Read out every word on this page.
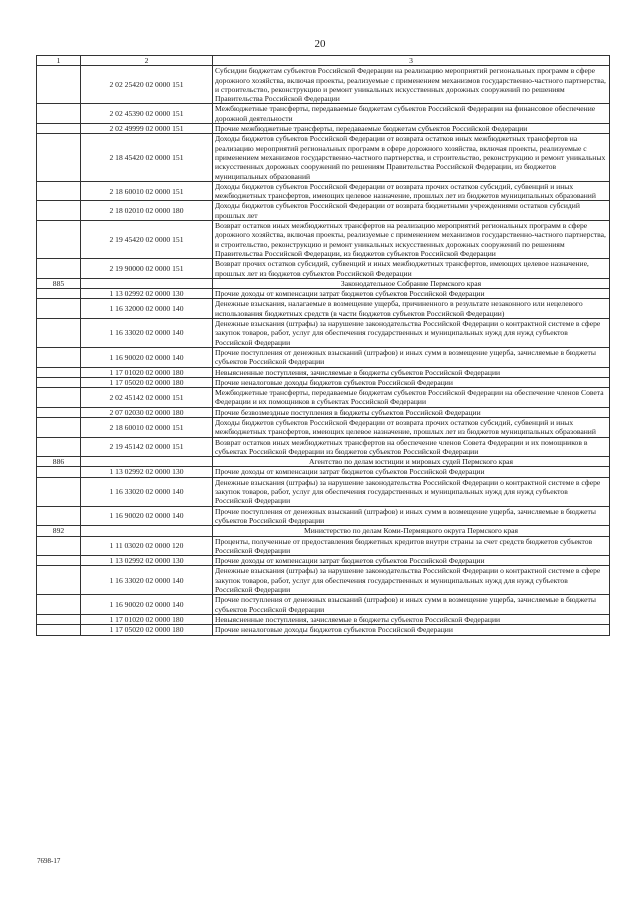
20
1	2	3
	2 02 25420 02 0000 151	Субсидии бюджетам субъектов Российской Федерации на реализацию мероприятий региональных программ в сфере дорожного хозяйства, включая проекты, реализуемые с применением механизмов государственно-частного партнерства, и строительство, реконструкцию и ремонт уникальных искусственных дорожных сооружений по решениям Правительства Российской Федерации
	2 02 45390 02 0000 151	Межбюджетные трансферты, передаваемые бюджетам субъектов Российской Федерации на финансовое обеспечение дорожной деятельности
	2 02 49999 02 0000 151	Прочие межбюджетные трансферты, передаваемые бюджетам субъектов Российской Федерации
	2 18 45420 02 0000 151	Доходы бюджетов субъектов Российской Федерации от возврата остатков иных межбюджетных трансфертов на реализацию мероприятий региональных программ в сфере дорожного хозяйства, включая проекты, реализуемые с применением механизмов государственно-частного партнерства, и строительство, реконструкцию и ремонт уникальных искусственных дорожных сооружений по решениям Правительства Российской Федерации, из бюджетов муниципальных образований
	2 18 60010 02 0000 151	Доходы бюджетов субъектов Российской Федерации от возврата прочих остатков субсидий, субвенций и иных межбюджетных трансфертов, имеющих целевое назначение, прошлых лет из бюджетов муниципальных образований
	2 18 02010 02 0000 180	Доходы бюджетов субъектов Российской Федерации от возврата бюджетными учреждениями остатков субсидий прошлых лет
	2 19 45420 02 0000 151	Возврат остатков иных межбюджетных трансфертов на реализацию мероприятий региональных программ в сфере дорожного хозяйства, включая проекты, реализуемые с применением механизмов государственно-частного партнерства, и строительство, реконструкцию и ремонт уникальных искусственных дорожных сооружений по решениям Правительства Российской Федерации, из бюджетов субъектов Российской Федерации
	2 19 90000 02 0000 151	Возврат прочих остатков субсидий, субвенций и иных межбюджетных трансфертов, имеющих целевое назначение, прошлых лет из бюджетов субъектов Российской Федерации
885		Законодательное Собрание Пермского края
	1 13 02992 02 0000 130	Прочие доходы от компенсации затрат бюджетов субъектов Российской Федерации
	1 16 32000 02 0000 140	Денежные взыскания, налагаемые в возмещение ущерба, причиненного в результате незаконного или нецелевого использования бюджетных средств (в части бюджетов субъектов Российской Федерации)
	1 16 33020 02 0000 140	Денежные взыскания (штрафы) за нарушение законодательства Российской Федерации о контрактной системе в сфере закупок товаров, работ, услуг для обеспечения государственных и муниципальных нужд для нужд субъектов Российской Федерации
	1 16 90020 02 0000 140	Прочие поступления от денежных взысканий (штрафов) и иных сумм в возмещение ущерба, зачисляемые в бюджеты субъектов Российской Федерации
	1 17 01020 02 0000 180	Невыясненные поступления, зачисляемые в бюджеты субъектов Российской Федерации
	1 17 05020 02 0000 180	Прочие неналоговые доходы бюджетов субъектов Российской Федерации
	2 02 45142 02 0000 151	Межбюджетные трансферты, передаваемые бюджетам субъектов Российской Федерации на обеспечение членов Совета Федерации и их помощников в субъектах Российской Федерации
	2 07 02030 02 0000 180	Прочие безвозмездные поступления в бюджеты субъектов Российской Федерации
	2 18 60010 02 0000 151	Доходы бюджетов субъектов Российской Федерации от возврата прочих остатков субсидий, субвенций и иных межбюджетных трансфертов, имеющих целевое назначение, прошлых лет из бюджетов муниципальных образований
	2 19 45142 02 0000 151	Возврат остатков иных межбюджетных трансфертов на обеспечение членов Совета Федерации и их помощников в субъектах Российской Федерации из бюджетов субъектов Российской Федерации
886		Агентство по делам юстиции и мировых судей Пермского края
	1 13 02992 02 0000 130	Прочие доходы от компенсации затрат бюджетов субъектов Российской Федерации
	1 16 33020 02 0000 140	Денежные взыскания (штрафы) за нарушение законодательства Российской Федерации о контрактной системе в сфере закупок товаров, работ, услуг для обеспечения государственных и муниципальных нужд для нужд субъектов Российской Федерации
	1 16 90020 02 0000 140	Прочие поступления от денежных взысканий (штрафов) и иных сумм в возмещение ущерба, зачисляемые в бюджеты субъектов Российской Федерации
892		Министерство по делам Коми-Пермяцкого округа Пермского края
	1 11 03020 02 0000 120	Проценты, полученные от предоставления бюджетных кредитов внутри страны за счет средств бюджетов субъектов Российской Федерации
	1 13 02992 02 0000 130	Прочие доходы от компенсации затрат бюджетов субъектов Российской Федерации
	1 16 33020 02 0000 140	Денежные взыскания (штрафы) за нарушение законодательства Российской Федерации о контрактной системе в сфере закупок товаров, работ, услуг для обеспечения государственных и муниципальных нужд для нужд субъектов Российской Федерации
	1 16 90020 02 0000 140	Прочие поступления от денежных взысканий (штрафов) и иных сумм в возмещение ущерба, зачисляемые в бюджеты субъектов Российской Федерации
	1 17 01020 02 0000 180	Невыясненные поступления, зачисляемые в бюджеты субъектов Российской Федерации
	1 17 05020 02 0000 180	Прочие неналоговые доходы бюджетов субъектов Российской Федерации
7698-17
